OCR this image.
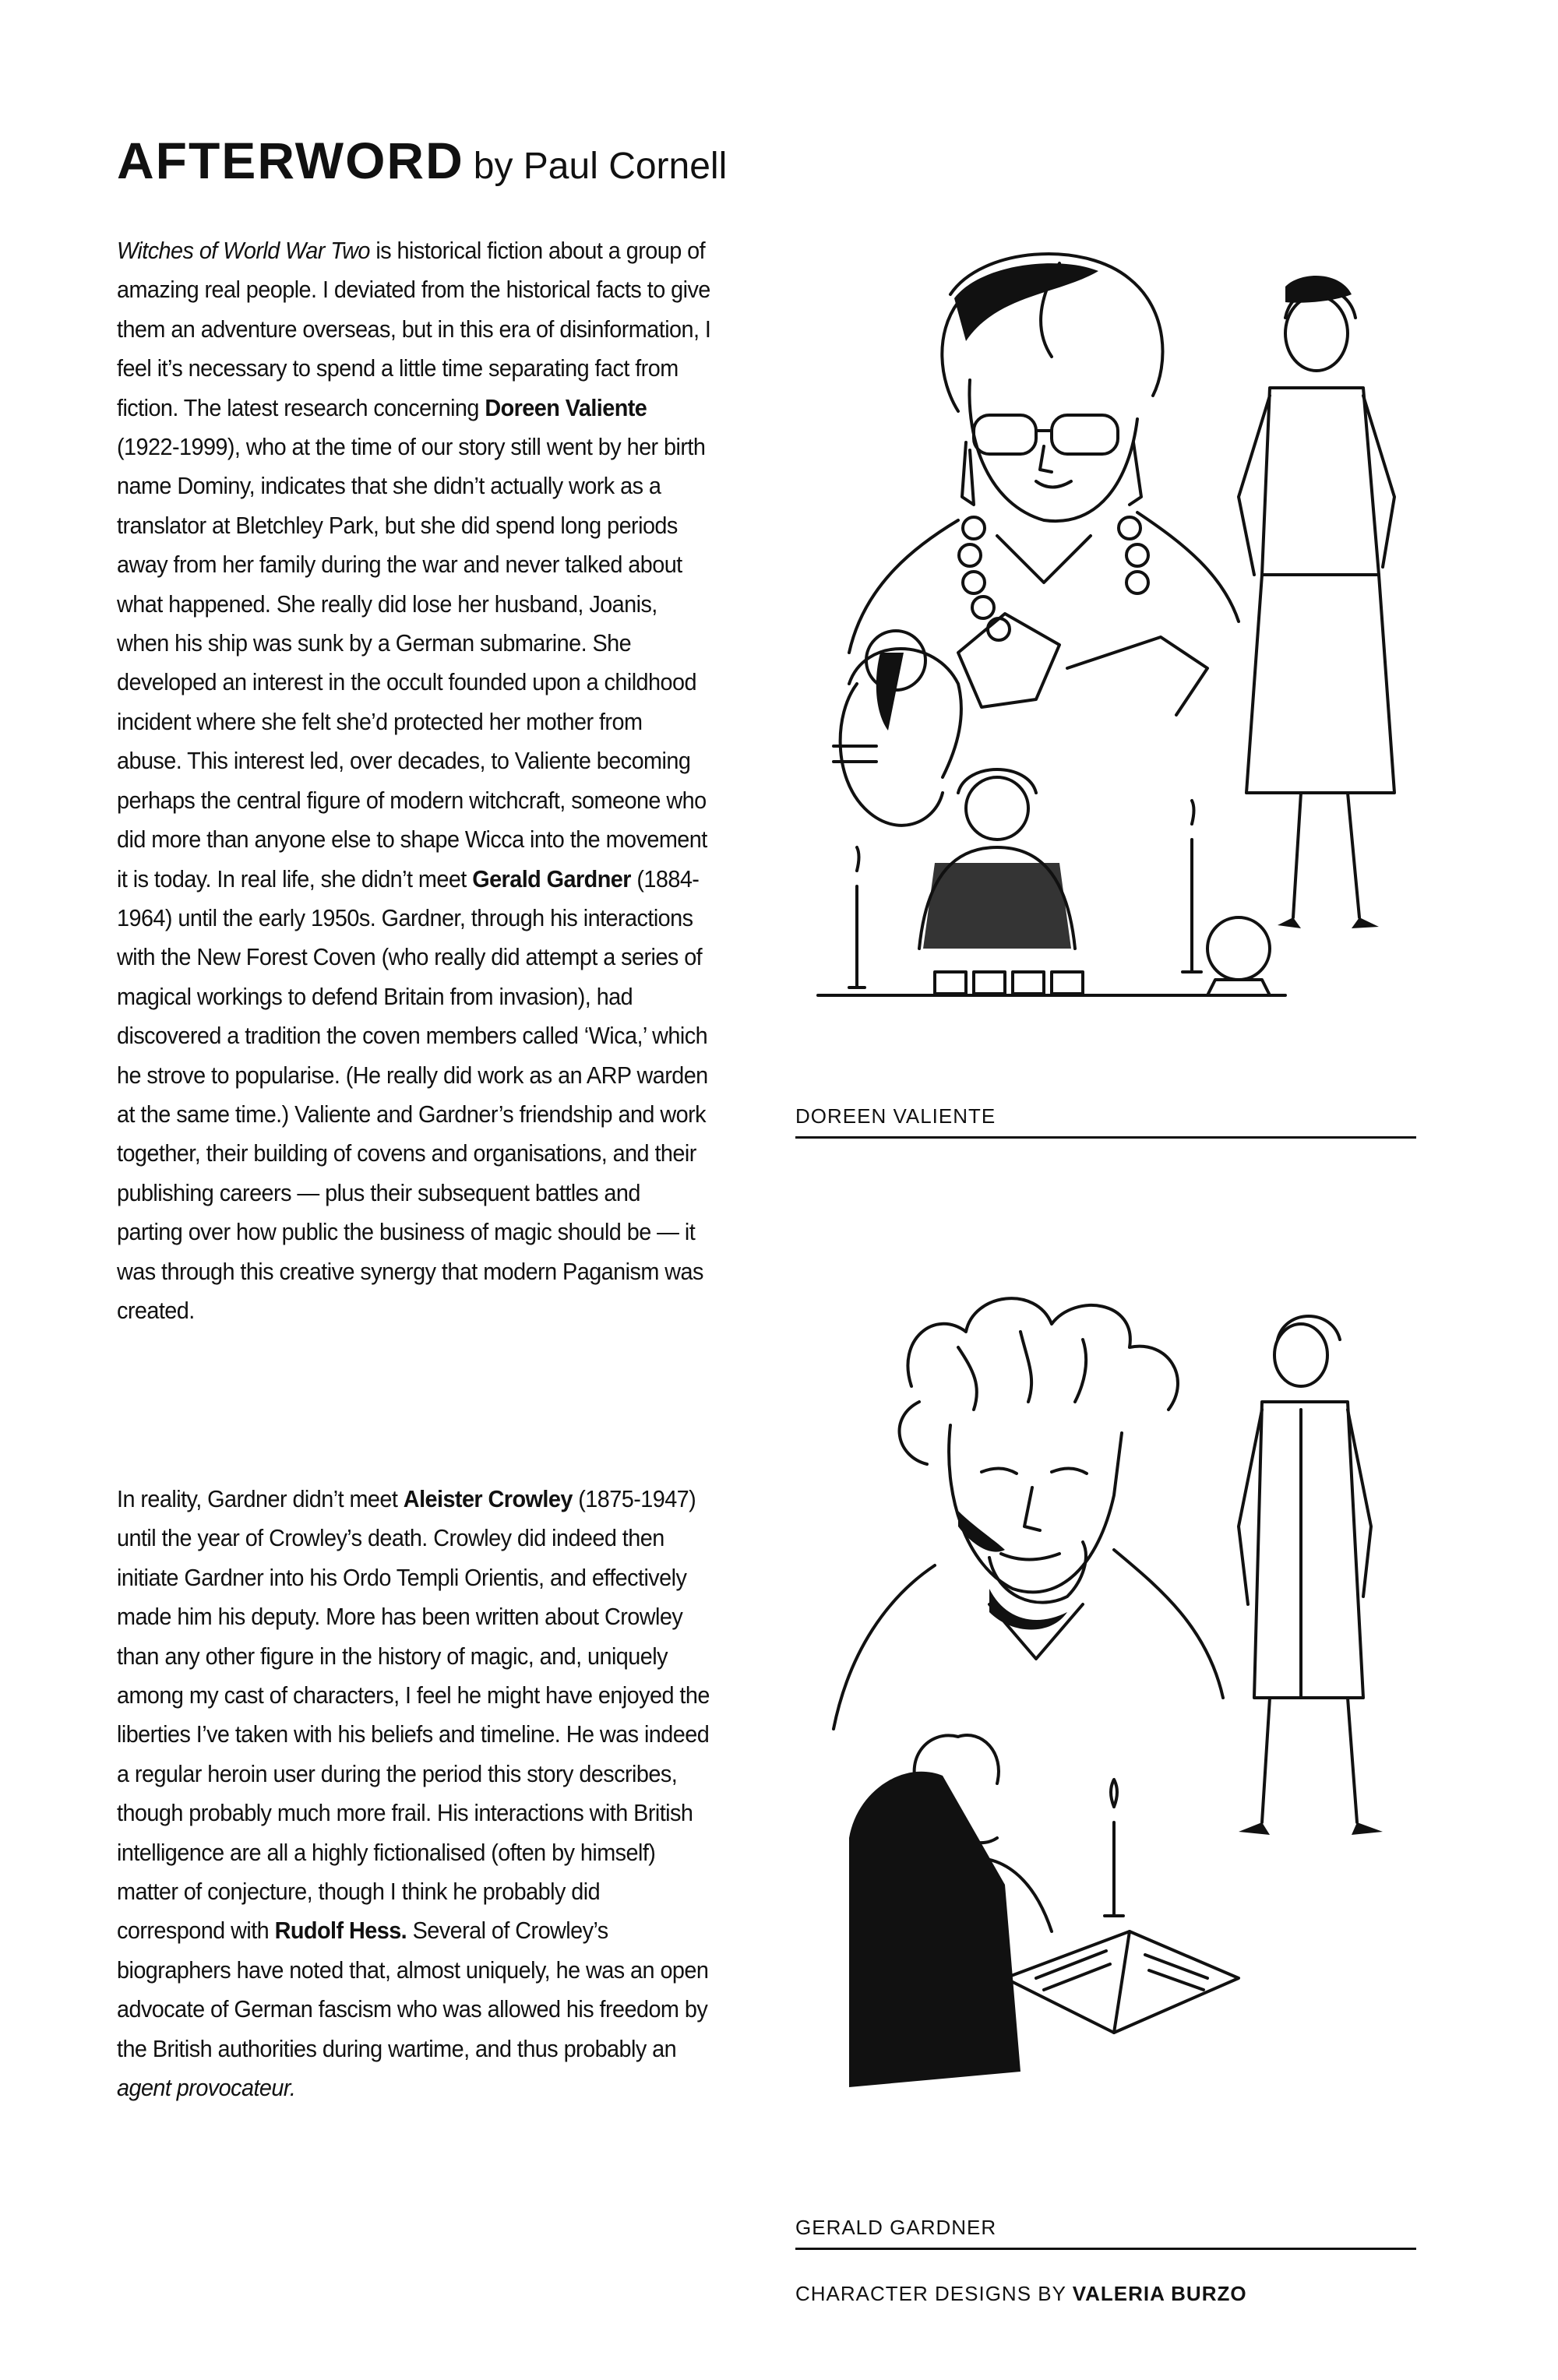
AFTERWORD by Paul Cornell

Witches of World War Two is historical fiction about a group of amazing real people. I deviated from the historical facts to give them an adventure overseas, but in this era of disinformation, I feel it’s necessary to spend a little time separating fact from fiction. The latest research concerning Doreen Valiente (1922-1999), who at the time of our story still went by her birth name Dominy, indicates that she didn’t actually work as a translator at Bletchley Park, but she did spend long periods away from her family during the war and never talked about what happened. She really did lose her husband, Joanis, when his ship was sunk by a German submarine. She developed an interest in the occult founded upon a childhood incident where she felt she’d protected her mother from abuse. This interest led, over decades, to Valiente becoming perhaps the central figure of modern witchcraft, someone who did more than anyone else to shape Wicca into the movement it is today. In real life, she didn’t meet Gerald Gardner (1884-1964) until the early 1950s. Gardner, through his interactions with the New Forest Coven (who really did attempt a series of magical workings to defend Britain from invasion), had discovered a tradition the coven members called ‘Wica,’ which he strove to popularise. (He really did work as an ARP warden at the same time.) Valiente and Gardner’s friendship and work together, their building of covens and organisations, and their publishing careers — plus their subsequent battles and parting over how public the business of magic should be — it was through this creative synergy that modern Paganism was created.

In reality, Gardner didn’t meet Aleister Crowley (1875-1947) until the year of Crowley’s death. Crowley did indeed then initiate Gardner into his Ordo Templi Orientis, and effectively made him his deputy. More has been written about Crowley than any other figure in the history of magic, and, uniquely among my cast of characters, I feel he might have enjoyed the liberties I’ve taken with his beliefs and timeline. He was indeed a regular heroin user during the period this story describes, though probably much more frail. His interactions with British intelligence are all a highly fictionalised (often by himself) matter of conjecture, though I think he probably did correspond with Rudolf Hess. Several of Crowley’s biographers have noted that, almost uniquely, he was an open advocate of German fascism who was allowed his freedom by the British authorities during wartime, and thus probably an agent provocateur.

DOREEN VALIENTE
GERALD GARDNER
CHARACTER DESIGNS BY VALERIA BURZO
